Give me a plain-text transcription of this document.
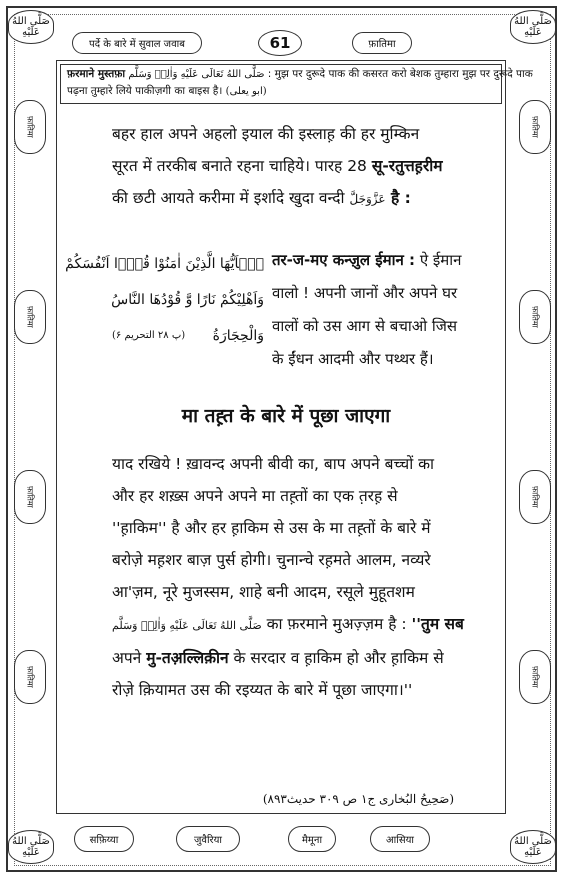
صَلَّى اللهُ عَلَيْهِ
صَلَّى اللهُ عَلَيْهِ
صَلَّى اللهُ عَلَيْهِ
صَلَّى اللهُ عَلَيْهِ
फ़ातिमा
फ़ातिमा
फ़ातिमा
फ़ातिमा
फ़ातिमा
फ़ातिमा
फ़ातिमा
फ़ातिमा
पर्दे के बारे में सुवाल जवाब	61	फ़ातिमा
फ़रमाने मुस्तफ़ा صَلَّى اللهُ تَعَالَى عَلَيْهِ وَاٰلِهٖ وَسَلَّم : मुझ पर दुरूदे पाक की कसरत करो बेशक तुम्हारा मुझ पर दुरूदे पाक
पढ़ना तुम्हारे लिये पाकीज़गी का बाइस है। (ابو يعلى)
बहर हाल अपने अहलो इयाल की इस्लाह़ की हर मुम्किन
सूरत में तरकीब बनाते रहना चाहिये। पारह 28 सू-रतुत्तह़रीम
की छटी आयते करीमा में इर्शादे खुदा वन्दी عَزَّوَجَلَّ है :
يٰۤاَيُّهَا الَّذِيْنَ اٰمَنُوْا قُوْۤا اَنْفُسَكُمْ
وَاَهْلِيْكُمْ نَارًا وَّ قُوْدُهَا النَّاسُ
وَالْحِجَارَةُ
(پ ۲۸ التحريم ۶)
तर-ज-मए कन्ज़ुल ईमान : ऐ ईमान
वालो ! अपनी जानों और अपने घर
वालों को उस आग से बचाओ जिस
के ईंधन आदमी और पथ्थर हैं।
मा तह़्त के बारे में पूछा जाएगा
याद रखिये ! ख़ावन्द अपनी बीवी का, बाप अपने बच्चों का
और हर शख़्स अपने अपने मा तह़्तों का एक त़रह़ से
''ह़ाकिम'' है और हर ह़ाकिम से उस के मा तह़्तों के बारे में
बरोज़े मह़शर बाज़ पुर्स होगी। चुनान्चे रह़मते आलम, नव्यरे
आ'ज़म, नूरे मुजस्सम, शाहे बनी आदम, रसूले मुहूतशम
صَلَّى اللهُ تَعَالَى عَلَيْهِ وَاٰلِهٖ وَسَلَّم का फ़रमाने मुअज़्ज़म है : ''तुम सब
अपने मु-तअ़ल्लिक़ीन के सरदार व ह़ाकिम हो और ह़ाकिम से
रोज़े क़ियामत उस की रइय्यत के बारे में पूछा जाएगा।''
(صَحِيحُ البُخارى ج١ ص ٣٠٩ حديث٨٩٣)
सफ़िय्या	जुवैरिया	मैमूना	आसिया
